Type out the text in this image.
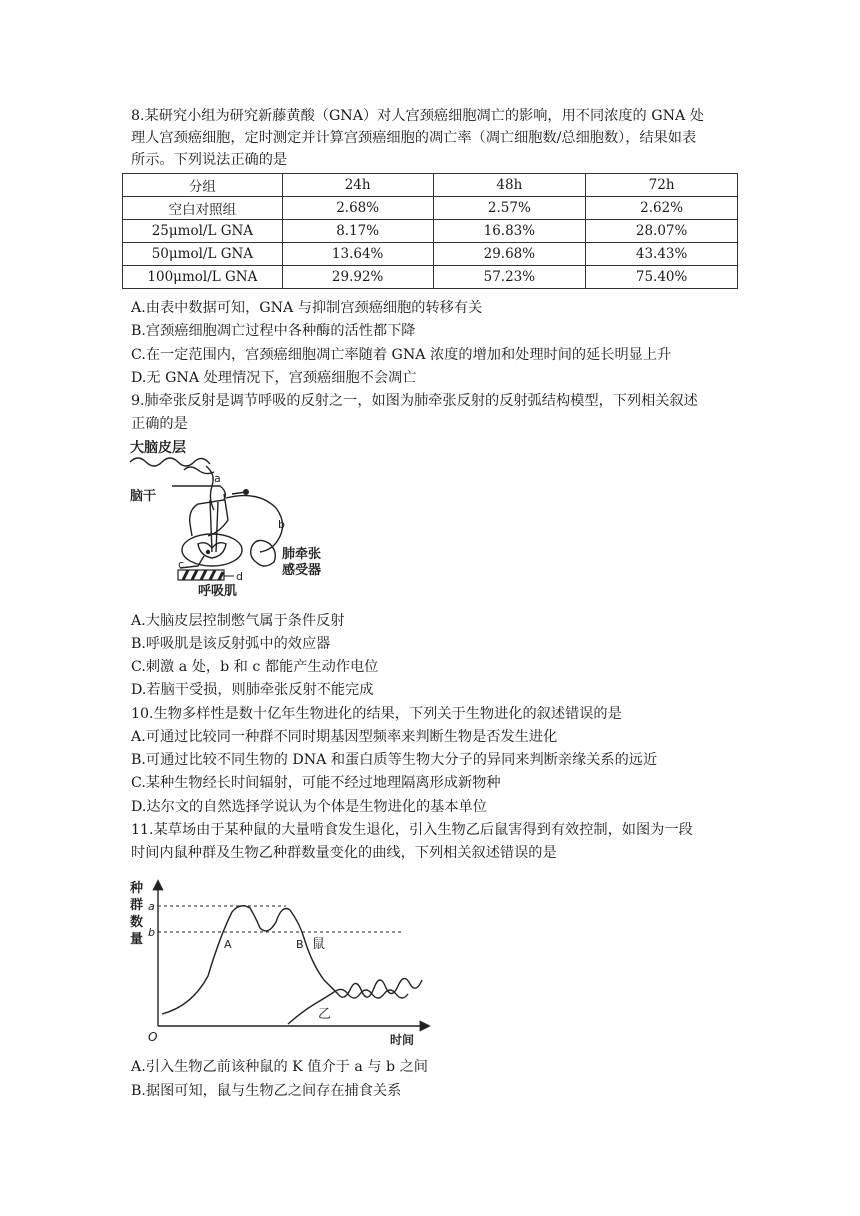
8.某研究小组为研究新藤黄酸（GNA）对人宫颈癌细胞凋亡的影响，用不同浓度的 GNA 处
理人宫颈癌细胞，定时测定并计算宫颈癌细胞的凋亡率（凋亡细胞数/总细胞数），结果如表
所示。下列说法正确的是
分组	24h	48h	72h
空白对照组	2.68%	2.57%	2.62%
25μmol/L GNA	8.17%	16.83%	28.07%
50μmol/L GNA	13.64%	29.68%	43.43%
100μmol/L GNA	29.92%	57.23%	75.40%
A.由表中数据可知，GNA 与抑制宫颈癌细胞的转移有关
B.宫颈癌细胞凋亡过程中各种酶的活性都下降
C.在一定范围内，宫颈癌细胞凋亡率随着 GNA 浓度的增加和处理时间的延长明显上升
D.无 GNA 处理情况下，宫颈癌细胞不会凋亡
9.肺牵张反射是调节呼吸的反射之一，如图为肺牵张反射的反射弧结构模型，下列相关叙述
正确的是
大脑皮层
脑干
a
b
c
d
肺牵张
感受器
呼吸肌
A.大脑皮层控制憋气属于条件反射
B.呼吸肌是该反射弧中的效应器
C.刺激 a 处，b 和 c 都能产生动作电位
D.若脑干受损，则肺牵张反射不能完成
10.生物多样性是数十亿年生物进化的结果，下列关于生物进化的叙述错误的是
A.可通过比较同一种群不同时期基因型频率来判断生物是否发生进化
B.可通过比较不同生物的 DNA 和蛋白质等生物大分子的异同来判断亲缘关系的远近
C.某种生物经长时间辐射，可能不经过地理隔离形成新物种
D.达尔文的自然选择学说认为个体是生物进化的基本单位
11.某草场由于某种鼠的大量啃食发生退化，引入生物乙后鼠害得到有效控制，如图为一段
时间内鼠种群及生物乙种群数量变化的曲线，下列相关叙述错误的是
种
群
数
量
a
b
O
A	B 鼠
乙
时间
A.引入生物乙前该种鼠的 K 值介于 a 与 b 之间
B.据图可知，鼠与生物乙之间存在捕食关系
